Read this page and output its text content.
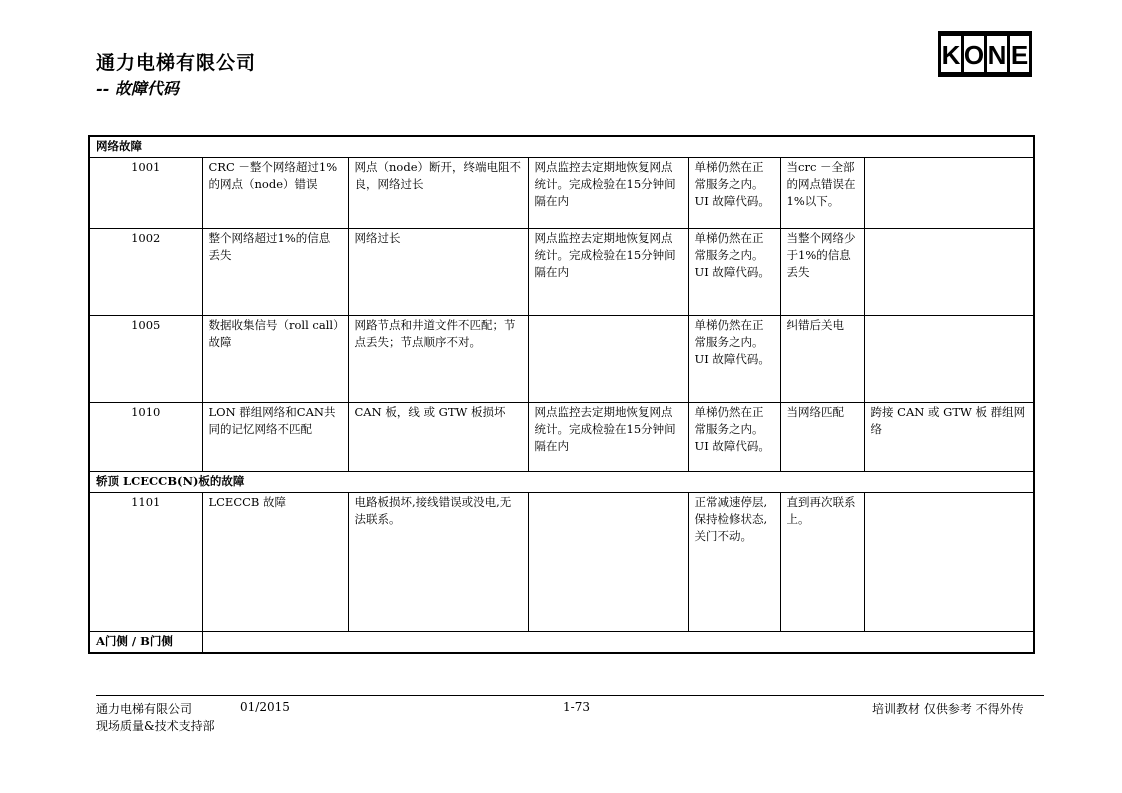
通力电梯有限公司
-- 故障代码
K O N E
网络故障						
1001	CRC －整个网络超过1%的网点（node）错误	网点（node）断开，终端电阻不良，网络过长	网点监控去定期地恢复网点统计。完成检验在15分钟间隔在内	单梯仍然在正常服务之内。UI 故障代码。	当crc －全部的网点错误在1%以下。	
1002	整个网络超过1%的信息丢失	网络过长	网点监控去定期地恢复网点统计。完成检验在15分钟间隔在内	单梯仍然在正常服务之内。UI 故障代码。	当整个网络少于1%的信息丢失	
1005	数据收集信号（roll call）故障	网路节点和井道文件不匹配；节点丢失；节点顺序不对。		单梯仍然在正常服务之内。UI 故障代码。	纠错后关电	
1010	LON 群组网络和CAN共同的记忆网络不匹配	CAN 板，线 或 GTW 板损坏	网点监控去定期地恢复网点统计。完成检验在15分钟间隔在内	单梯仍然在正常服务之内。UI 故障代码。	当网络匹配	跨接 CAN 或 GTW 板 群组网络
轿顶 LCECCB(N)板的故障						
1101	LCECCB 故障	电路板损坏,接线错误或没电,无法联系。		正常减速停层,保持检修状态,关门不动。	直到再次联系上。	
A门侧 / B门侧						
通力电梯有限公司	01/2015	1-73	培训教材 仅供参考 不得外传
现场质量&技术支持部
